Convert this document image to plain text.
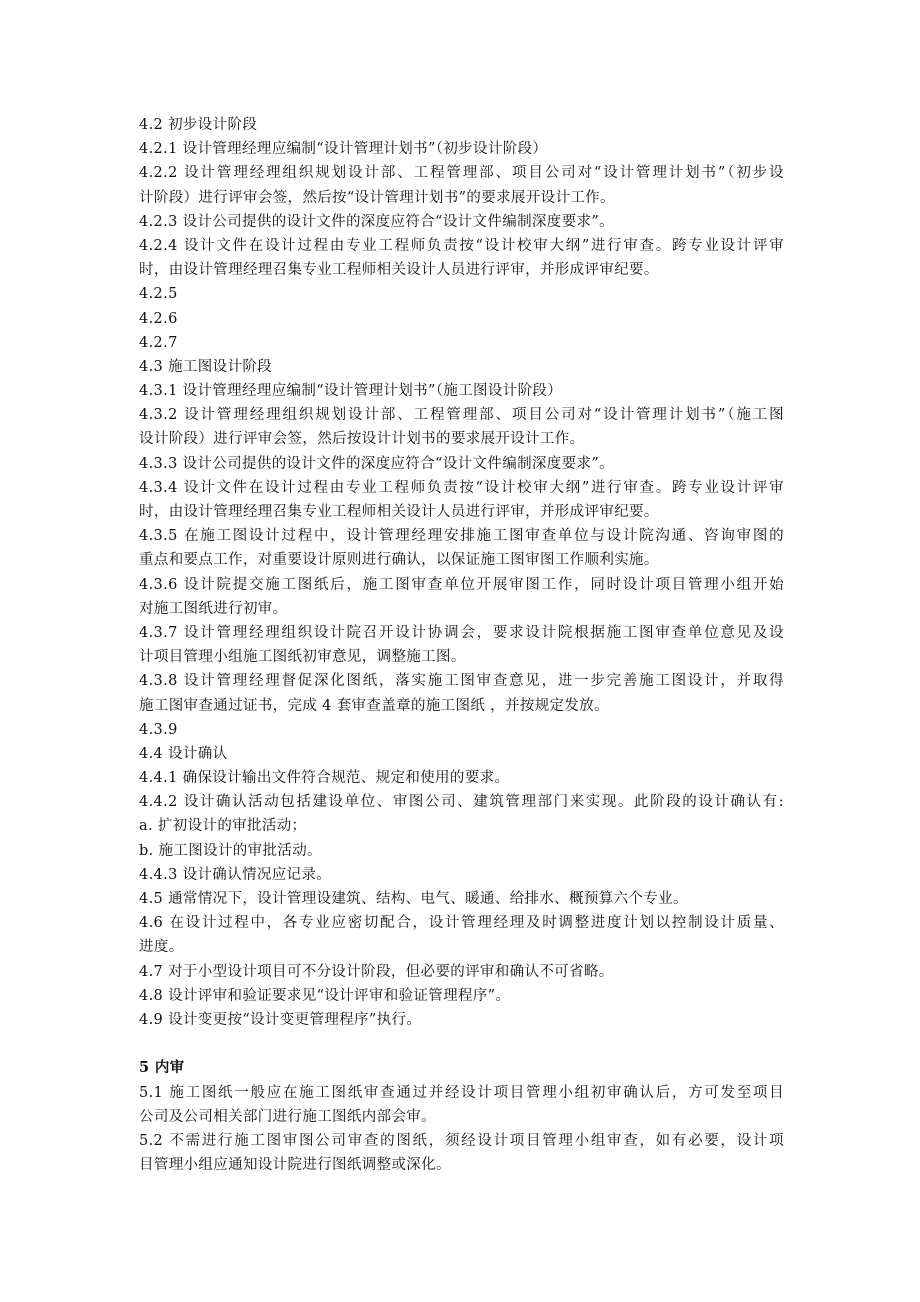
4.2 初步设计阶段
4.2.1 设计管理经理应编制“设计管理计划书”（初步设计阶段）
4.2.2 设计管理经理组织规划设计部、工程管理部、项目公司对“设计管理计划书”（初步设
计阶段）进行评审会签，然后按“设计管理计划书”的要求展开设计工作。
4.2.3 设计公司提供的设计文件的深度应符合“设计文件编制深度要求”。
4.2.4 设计文件在设计过程由专业工程师负责按“设计校审大纲”进行审查。跨专业设计评审
时，由设计管理经理召集专业工程师相关设计人员进行评审，并形成评审纪要。
4.2.5
4.2.6
4.2.7
4.3 施工图设计阶段
4.3.1 设计管理经理应编制“设计管理计划书”（施工图设计阶段）
4.3.2 设计管理经理组织规划设计部、工程管理部、项目公司对“设计管理计划书”（施工图
设计阶段）进行评审会签，然后按设计计划书的要求展开设计工作。
4.3.3 设计公司提供的设计文件的深度应符合“设计文件编制深度要求”。
4.3.4 设计文件在设计过程由专业工程师负责按“设计校审大纲”进行审查。跨专业设计评审
时，由设计管理经理召集专业工程师相关设计人员进行评审，并形成评审纪要。
4.3.5 在施工图设计过程中，设计管理经理安排施工图审查单位与设计院沟通、咨询审图的
重点和要点工作，对重要设计原则进行确认，以保证施工图审图工作顺利实施。
4.3.6 设计院提交施工图纸后，施工图审查单位开展审图工作，同时设计项目管理小组开始
对施工图纸进行初审。
4.3.7 设计管理经理组织设计院召开设计协调会，要求设计院根据施工图审查单位意见及设
计项目管理小组施工图纸初审意见，调整施工图。
4.3.8 设计管理经理督促深化图纸，落实施工图审查意见，进一步完善施工图设计，并取得
施工图审查通过证书，完成 4 套审查盖章的施工图纸 ，并按规定发放。
4.3.9
4.4 设计确认
4.4.1 确保设计输出文件符合规范、规定和使用的要求。
4.4.2 设计确认活动包括建设单位、审图公司、建筑管理部门来实现。此阶段的设计确认有:
a. 扩初设计的审批活动；
b. 施工图设计的审批活动。
4.4.3 设计确认情况应记录。
4.5 通常情况下，设计管理设建筑、结构、电气、暖通、给排水、概预算六个专业。
4.6 在设计过程中，各专业应密切配合，设计管理经理及时调整进度计划以控制设计质量、
进度。
4.7 对于小型设计项目可不分设计阶段，但必要的评审和确认不可省略。
4.8 设计评审和验证要求见“设计评审和验证管理程序”。
4.9 设计变更按“设计变更管理程序”执行。
5 内审
5.1 施工图纸一般应在施工图纸审查通过并经设计项目管理小组初审确认后，方可发至项目
公司及公司相关部门进行施工图纸内部会审。
5.2 不需进行施工图审图公司审查的图纸，须经设计项目管理小组审查，如有必要，设计项
目管理小组应通知设计院进行图纸调整或深化。
